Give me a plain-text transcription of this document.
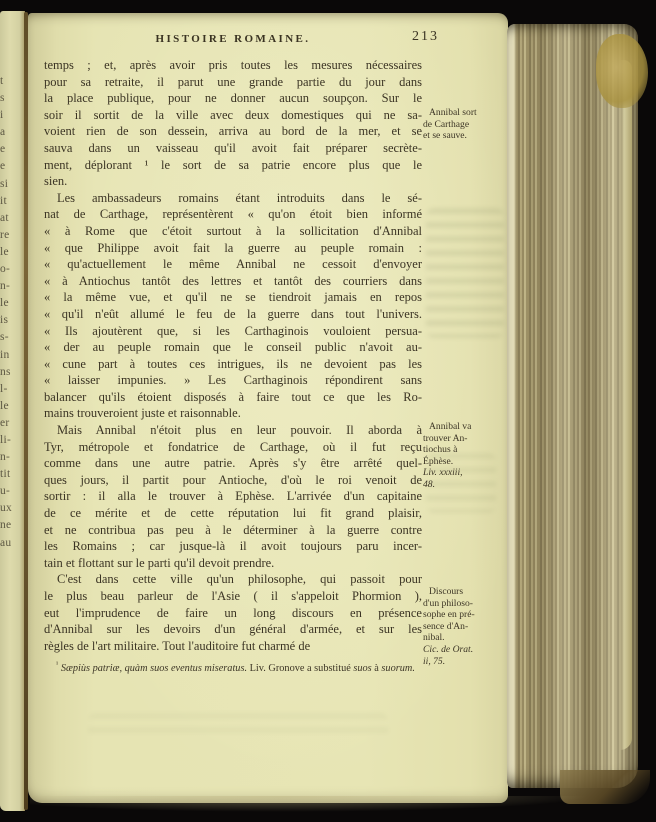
t
s
i
a
e
e
si
it
at
re
le
o-
n-
le
is
s-
in
ns
l-
le
er
li-
n-
tit
u-
ux
ne
au
HISTOIRE ROMAINE.	213
temps ; et, après avoir pris toutes les mesures nécessaires
pour sa retraite, il parut une grande partie du jour dans
la place publique, pour ne donner aucun soupçon. Sur le
soir il sortit de la ville avec deux domestiques qui ne sa-
voient rien de son dessein, arriva au bord de la mer, et se
sauva dans un vaisseau qu'il avoit fait préparer secrète-
ment, déplorant ¹ le sort de sa patrie encore plus que le
sien.
Les ambassadeurs romains étant introduits dans le sé-
nat de Carthage, représentèrent « qu'on étoit bien informé
« à Rome que c'étoit surtout à la sollicitation d'Annibal
« que Philippe avoit fait la guerre au peuple romain :
« qu'actuellement le même Annibal ne cessoit d'envoyer
« à Antiochus tantôt des lettres et tantôt des courriers dans
« la même vue, et qu'il ne se tiendroit jamais en repos
« qu'il n'eût allumé le feu de la guerre dans tout l'univers.
« Ils ajoutèrent que, si les Carthaginois vouloient persua-
« der au peuple romain que le conseil public n'avoit au-
« cune part à toutes ces intrigues, ils ne devoient pas les
« laisser impunies. » Les Carthaginois répondirent sans
balancer qu'ils étoient disposés à faire tout ce que les Ro-
mains trouveroient juste et raisonnable.
Mais Annibal n'étoit plus en leur pouvoir. Il aborda à
Tyr, métropole et fondatrice de Carthage, où il fut reçu
comme dans une autre patrie. Après s'y être arrêté quel-
ques jours, il partit pour Antioche, d'où le roi venoit de
sortir : il alla le trouver à Ephèse. L'arrivée d'un capitaine
de ce mérite et de cette réputation lui fit grand plaisir,
et ne contribua pas peu à le déterminer à la guerre contre
les Romains ; car jusque-là il avoit toujours paru incer-
tain et flottant sur le parti qu'il devoit prendre.
C'est dans cette ville qu'un philosophe, qui passoit pour
le plus beau parleur de l'Asie ( il s'appeloit Phormion ),
eut l'imprudence de faire un long discours en présence
d'Annibal sur les devoirs d'un général d'armée, et sur les
règles de l'art militaire. Tout l'auditoire fut charmé de
Annibal sort
de Carthage
et se sauve.
Annibal va
trouver An-
tiochus à
Éphèse.
Liv. xxxiii,
48.
Discours
d'un philoso-
sophe en pré-
sence d'An-
nibal.
Cic. de Orat.
ii, 75.
$^{^1}$ Sæpiùs patriæ, quàm suos eventus miseratus. Liv. Gronove a substitué suos à suorum.
